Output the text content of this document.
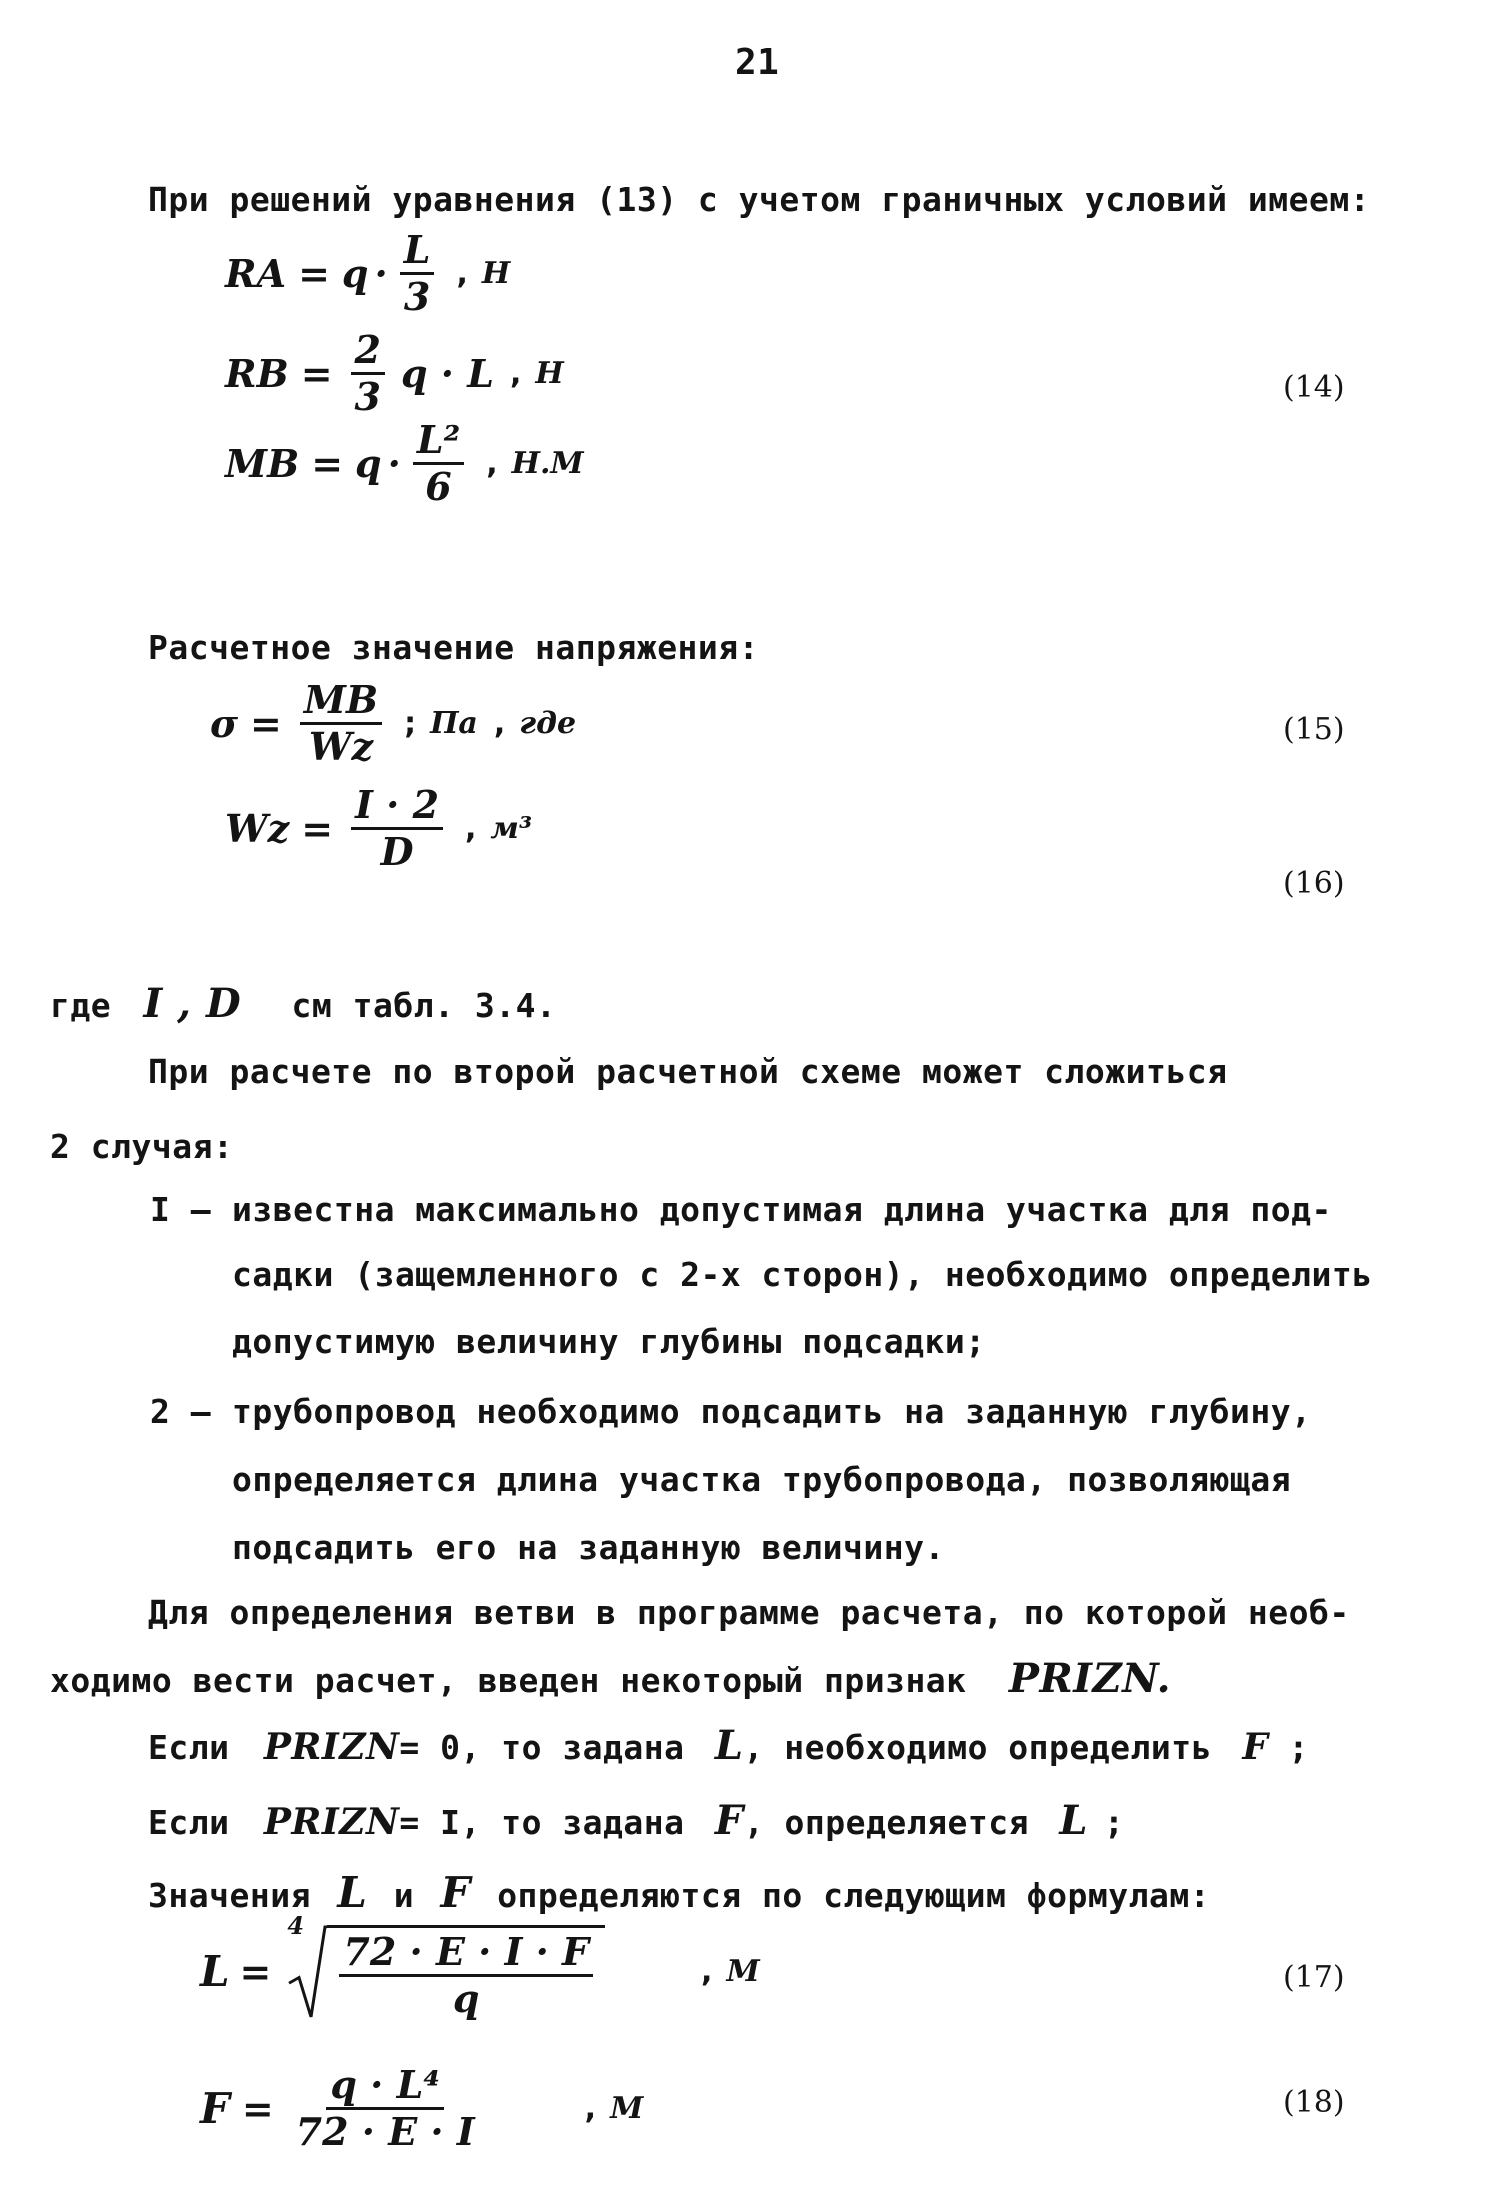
21
При решений уравнения (13) с учетом граничных условий имеем:
RA = $q \cdot \frac{L}{3}$ , H
RB = $\frac{2}{3}$ q · L , H
MB = $q \cdot \frac{\text{L²}}{6}$ , H.M
(14)
Расчетное значение напряжения:
$\sigma = \frac{MB}{Wz}$ ; Па , где	(15)
$Wz = \frac{I \cdot 2}{D}$ , м³
(16)
где I , D см табл. 3.4.
При расчете по второй расчетной схеме может сложиться
2 случая:
I – известна максимально допустимая длина участка для под-
садки (защемленного с 2-х сторон), необходимо определить
допустимую величину глубины подсадки;
2 – трубопровод необходимо подсадить на заданную глубину,
определяется длина участка трубопровода, позволяющая
подсадить его на заданную величину.
Для определения ветви в программе расчета, по которой необ-
ходимо вести расчет, введен некоторый признак PRIZN.
Если PRIZN= 0, то задана L, необходимо определить F ;
Если PRIZN= I, то задана F, определяется L ;
Значения L и F определяются по следующим формулам:
L =
4
$\frac{72 \cdot E \cdot I \cdot F}{q}$	, M	(17)
$F = \frac{\text{q · L⁴}}{72 \cdot E \cdot I}$	, M	(18)
